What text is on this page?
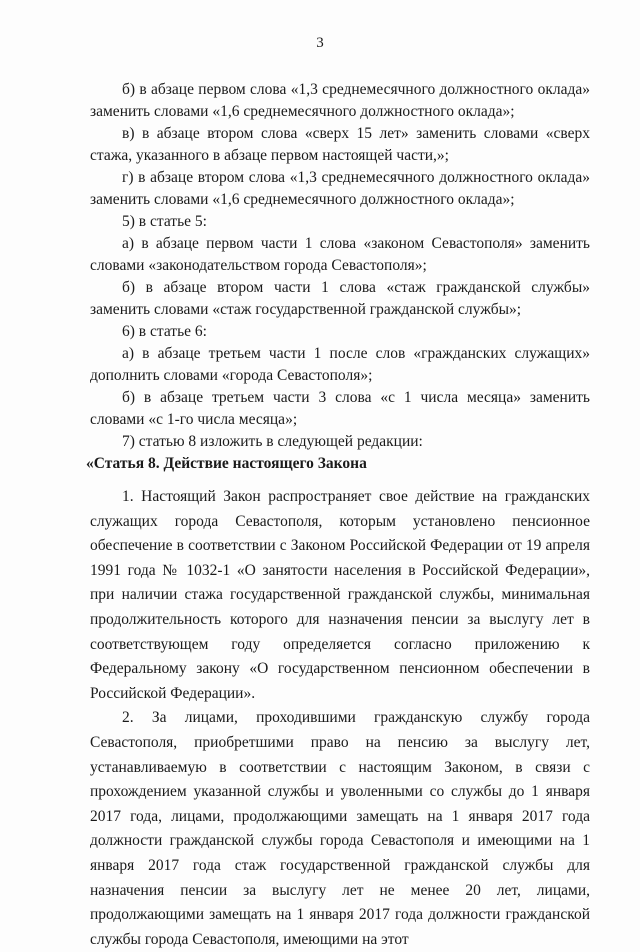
3

б) в абзаце первом слова «1,3 среднемесячного должностного оклада» заменить словами «1,6 среднемесячного должностного оклада»;

в) в абзаце втором слова «сверх 15 лет» заменить словами «сверх стажа, указанного в абзаце первом настоящей части,»;

г) в абзаце втором слова «1,3 среднемесячного должностного оклада» заменить словами «1,6 среднемесячного должностного оклада»;

5) в статье 5:

а) в абзаце первом части 1 слова «законом Севастополя» заменить словами «законодательством города Севастополя»;

б) в абзаце втором части 1 слова «стаж гражданской службы» заменить словами «стаж государственной гражданской службы»;

6) в статье 6:

а) в абзаце третьем части 1 после слов «гражданских служащих» дополнить словами «города Севастополя»;

б) в абзаце третьем части 3 слова «с 1 числа месяца» заменить словами «с 1-го числа месяца»;

7) статью 8 изложить в следующей редакции:

«Статья 8. Действие настоящего Закона

1. Настоящий Закон распространяет свое действие на гражданских служащих города Севастополя, которым установлено пенсионное обеспечение в соответствии с Законом Российской Федерации от 19 апреля 1991 года № 1032-1 «О занятости населения в Российской Федерации», при наличии стажа государственной гражданской службы, минимальная продолжительность которого для назначения пенсии за выслугу лет в соответствующем году определяется согласно приложению к Федеральному закону «О государственном пенсионном обеспечении в Российской Федерации».

2. За лицами, проходившими гражданскую службу города Севастополя, приобретшими право на пенсию за выслугу лет, устанавливаемую в соответствии с настоящим Законом, в связи с прохождением указанной службы и уволенными со службы до 1 января 2017 года, лицами, продолжающими замещать на 1 января 2017 года должности гражданской службы города Севастополя и имеющими на 1 января 2017 года стаж государственной гражданской службы для назначения пенсии за выслугу лет не менее 20 лет, лицами, продолжающими замещать на 1 января 2017 года должности гражданской службы города Севастополя, имеющими на этот
